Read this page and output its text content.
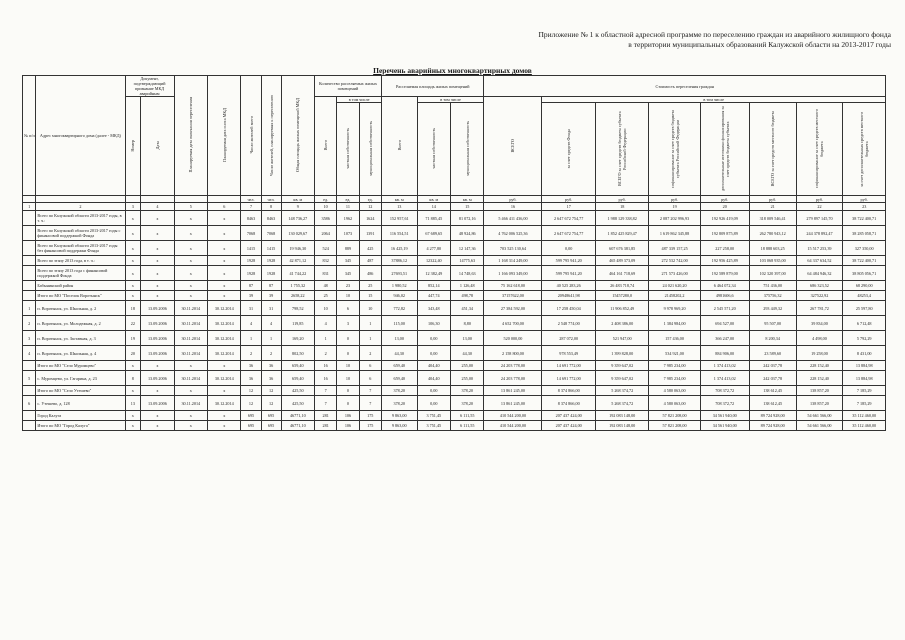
Приложение № 1 к областной адресной программе по переселению граждан из аварийного жилищного фонда
в территории муниципальных образований Калужской области на 2013-2017 годы
Перечень аварийных многоквартирных домов
№ п/п	Адрес многоквартирного дома (далее - МКД)	Документ, подтверждающий признание МКД аварийным		Планируемая дата окончания переселения	Планируемая дата сноса МКД	Число жителей всего	Число жителей, планируемых к переселению	Общая площадь жилых помещений МКД	Количество расселяемых жилых помещений			Расселяемая площадь жилых помещений			Стоимость переселения граждан							
		Номер	Дата						Всего	в том числе		Всего	в том числе		ВСЕГО	в том числе						
										частная собственность	муниципальная собственность		частная собственность	муниципальная собственность		за счет средств Фонда	ВСЕГО за счет средств бюджета субъекта Российской Федерации	софинансирование за счет средств бюджета субъекта Российской Федерации	дополнительные источники финансирования за счет средств бюджета субъекта	ВСЕГО за счет средств местного бюджета	софинансирование за счет средств местного бюджета	за счет дополнительных средств местного бюджета
						чел.	чел.	кв. м	ед.	ед.	ед.	кв. м	кв. м	кв. м	руб.	руб.	руб.	руб.	руб.	руб.	руб.	руб.
1	2	3	4	5	6	7	8	9	10	11	12	13	14	15	16	17	18	19	20	21	22	23
	Всего по Калужской области 2013-2017 годы, в т. ч.:	x	x	x	x	8463	8463	148 736,27	3586	1962	1624	152 957,61	71 885,45	81 072,16	5 466 411 436,00	2 647 672 754,77	1 988 129 338,82	2 087 202 996,93	192 926 419,09	318 009 546,41	279 897 145,70	38 722 400,71
	Всего по Калужской области 2013-2017 годы с финансовой поддержкой Фонда	x	x	x	x	7068	7068	130 029,67	2064	1073	1391	116 554,51	67 689,65	48 924,86	4 762 006 525,36	2 647 672 754,77	1 852 425 829,47	1 619 862 345,88	192 809 875,89	262 780 943,12	244 378 892,47	38 285 058,71
	Всего по Калужской области 2013-2017 годы без финансовой поддержки Фонда	x	x	x	x	1415	1415	19 946,30	524	889	425	16 425,19	4 277,80	12 147,36	703 525 130,64	0,00	607 676 381,85	487 339 157,25	227 258,00	18 888 603,25	15 517 253,39	327 350,00
	Всего по этапу 2013 года, в т. ч.:	x	x	x	x	1928	1928	42 871,12	832	345	487	37886,12	12322,40	14775,63	1 168 314 249,00	599 795 941,20	465 489 373,09	272 532 742,00	192 956 425,89	103 068 935,00	64 337 634,52	38 722 400,71
	Всего по этапу 2013 года с финансовой поддержкой Фонда	x	x	x	x	1928	1928	41 744,22	831	345	486	27693,51	12 382,49	14 748,63	1 166 093 349,00	599 795 941,20	464 161 718,69	271 573 426,00	192 589 879,00	102 320 397,00	64 484 946,32	38 805 056,71
	Бабынинский район	x	x	x	x	87	87	1 755,32	48	23	25	1 980,52	852,14	1 126,48	75 162 618,00	40 525 283,26	26 483 718,74	24 021 620,20	6 464 072,34	751 436,00	686 323,52	68 290,00
	Итого по МО "Поселок Воротынск"	x	x	x	x	39	39	2658,22	25	10	15	946,02	447,74	498,78	37157622,00	20948641,98	15457280,0	21458202,2	4981606,6	375756,32	327522,92	48253,4
1	п. Воротынск, ул. Школьная, д. 2	18	13.09.2006	30.11.2014	30.12.2014	31	31	798,52	10	6	10	772,82	343,48	451,34	27 384 592,00	17 258 450,04	11 906 852,49	9 978 969,20	2 545 571,20	293 449,32	267 781,72	25 597,80
2	п. Воротынск, ул. Молодежная, д. 2	22	13.09.2006	30.11.2014	30.12.2014	4	4	119,85	4	3	1	115,00	106,30	8,80	4 652 700,00	2 548 774,00	2 408 386,00	1 384 984,00	694 527,00	95 507,00	39 834,00	6 712,48
3	п. Воротынск, ул. Заставная, д. 3	19	13.09.2006	30.11.2014	30.12.2014	1	1	169,20	1	0	1	13,00	0,00	13,00	520 000,00	287 072,00	521 947,00	157 436,00	366 247,00	8 200,34	4 498,00	5 792,29
4	п. Воротынск, ул. Школьная, д. 4	20	13.09.2006	30.11.2014	30.12.2014	2	2	802,50	2	0	2	44,30	0,00	44,30	2 158 800,00	978 553,49	1 399 828,00	534 921,00	884 906,00	23 589,60	19 258,00	8 431,00
	Итого по МО "Село Муромцево"	x	x	x	x	36	36	659,40	16	10	6	659,40	404,40	255,00	24 203 778,00	14 691 772,00	9 359 647,02	7 985 234,00	1 374 413,02	242 037,78	228 152,40	13 884,98
5	с. Муромцево, ул. Гагарина, д. 23	8	13.09.2006	30.11.2014	30.12.2014	36	36	659,40	16	10	6	659,40	404,40	255,00	24 203 778,00	14 691 772,00	9 359 647,02	7 985 234,00	1 374 413,02	242 037,78	228 152,40	13 884,98
	Итого по МО "Село Утешево"	x	x	x	x	12	12	425,50	7	0	7	378,20	0,00	378,20	13 861 245,00	8 374 866,00	5 268 374,72	4 580 063,00	708 372,72	138 612,45	138 857,20	7 185,29
6	с. Утешево, д. 128	13	13.09.2006	30.11.2014	30.12.2014	12	12	425,50	7	0	7	378,20	0,00	378,20	13 861 245,00	8 374 866,00	5 268 374,72	4 580 063,00	708 372,72	138 612,45	138 857,20	7 185,29
	Город Калуга	x	x	x	x	695	695	46771,10	281	106	175	9 863,00	3 751,45	6 111,55	410 544 200,00	207 437 424,00	192 083 148,00	57 821 208,00	34 561 940,00	89 724 928,00	54 661 566,00	35 112 460,00
	Итого по МО "Город Калуга"	x	x	x	x	695	695	46771,10	281	106	175	9 863,00	3 751,45	6 111,55	410 544 200,00	207 437 424,00	192 083 148,00	57 821 208,00	34 561 940,00	89 724 928,00	54 661 566,00	35 112 460,00
